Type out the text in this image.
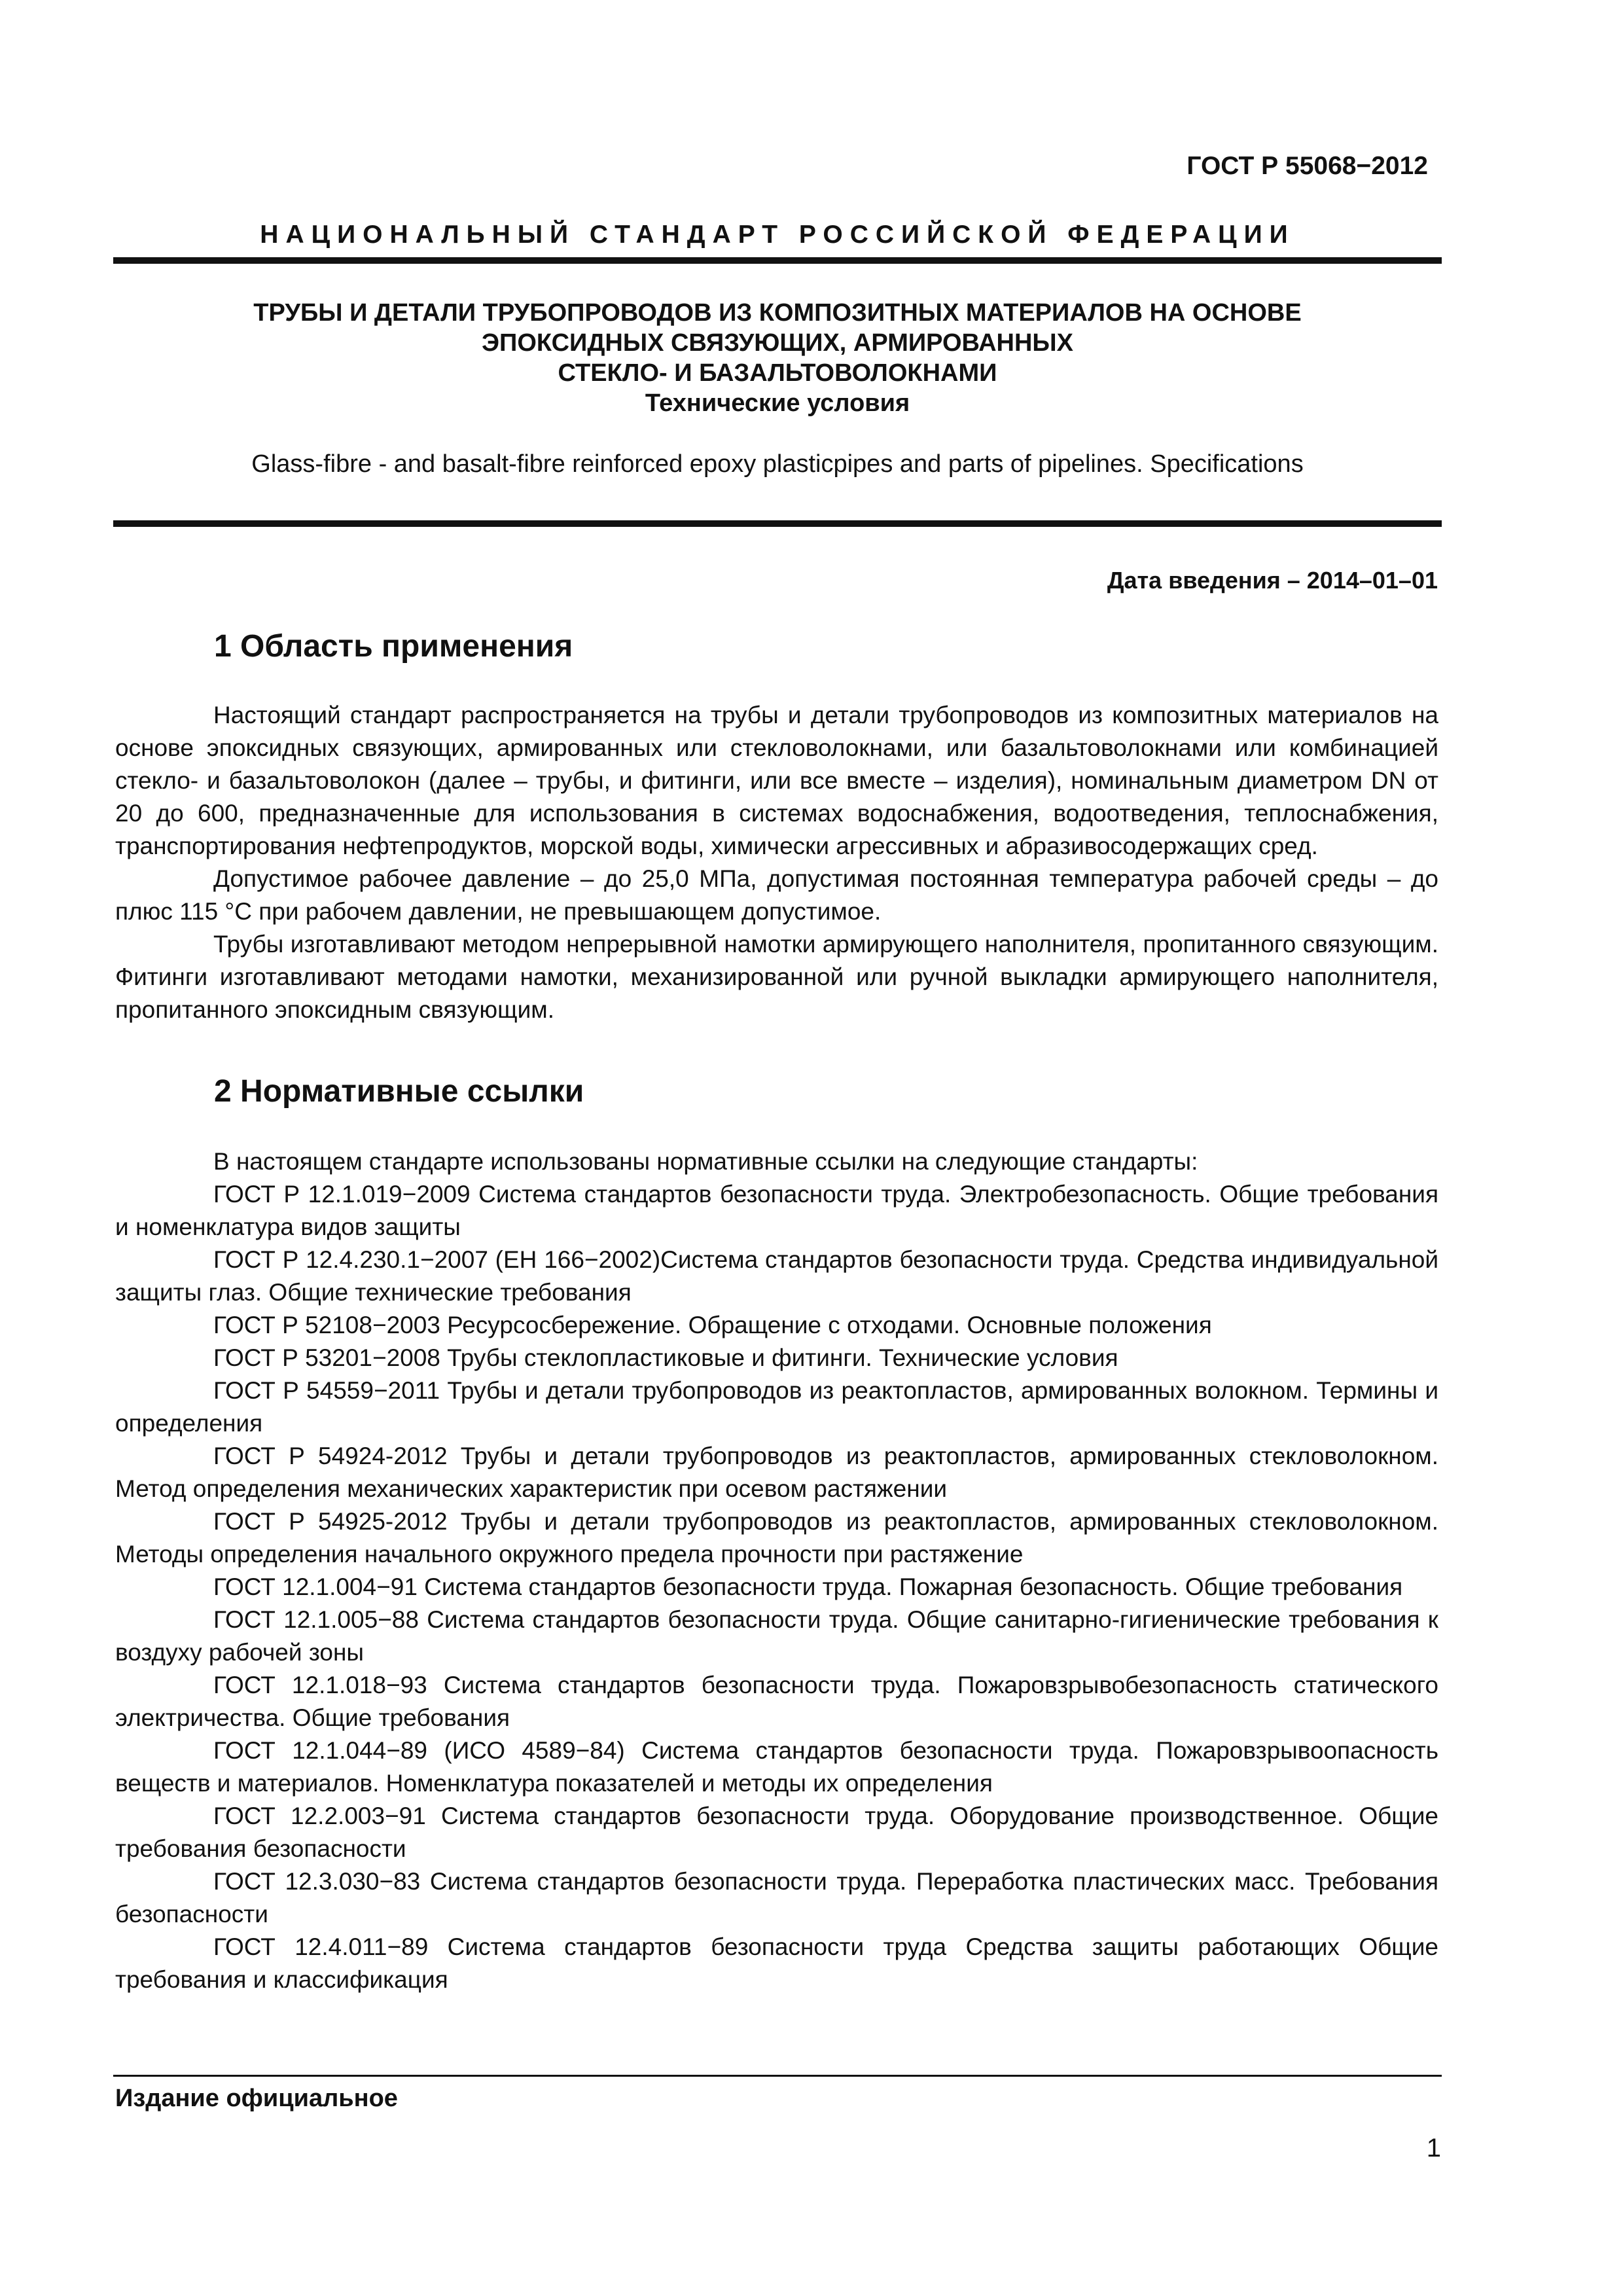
ГОСТ Р 55068−2012
НАЦИОНАЛЬНЫЙ СТАНДАРТ РОССИЙСКОЙ ФЕДЕРАЦИИ
ТРУБЫ И ДЕТАЛИ ТРУБОПРОВОДОВ ИЗ КОМПОЗИТНЫХ МАТЕРИАЛОВ НА ОСНОВЕ
ЭПОКСИДНЫХ СВЯЗУЮЩИХ, АРМИРОВАННЫХ
СТЕКЛО- И БАЗАЛЬТОВОЛОКНАМИ
Технические условия
Glass-fibre - and basalt-fibre reinforced epoxy plasticpipes and parts of pipelines. Specifications
Дата введения – 2014–01–01
1 Область применения

Настоящий стандарт распространяется на трубы и детали трубопроводов из композитных материалов на основе эпоксидных связующих, армированных или стекловолокнами, или базальтоволокнами или комбинацией стекло- и базальтоволокон (далее – трубы, и фитинги, или все вместе – изделия), номинальным диаметром DN от 20 до 600, предназначенные для использования в системах водоснабжения, водоотведения, теплоснабжения, транспортирования нефтепродуктов, морской воды, химически агрессивных и абразивосодержащих сред.

Допустимое рабочее давление – до 25,0 МПа, допустимая постоянная температура рабочей среды – до плюс 115 °С при рабочем давлении, не превышающем допустимое.

Трубы изготавливают методом непрерывной намотки армирующего наполнителя, пропитанного связующим. Фитинги изготавливают методами намотки, механизированной или ручной выкладки армирующего наполнителя, пропитанного эпоксидным связующим.

2 Нормативные ссылки

В настоящем стандарте использованы нормативные ссылки на следующие стандарты:

ГОСТ Р 12.1.019−2009 Система стандартов безопасности труда. Электробезопасность. Общие требования и номенклатура видов защиты

ГОСТ Р 12.4.230.1−2007 (ЕН 166−2002)Система стандартов безопасности труда. Средства индивидуальной защиты глаз. Общие технические требования

ГОСТ Р 52108−2003 Ресурсосбережение. Обращение с отходами. Основные положения

ГОСТ Р 53201−2008 Трубы стеклопластиковые и фитинги. Технические условия

ГОСТ Р 54559−2011 Трубы и детали трубопроводов из реактопластов, армированных волокном. Термины и определения

ГОСТ Р 54924-2012 Трубы и детали трубопроводов из реактопластов, армированных стекловолокном. Метод определения механических характеристик при осевом растяжении

ГОСТ Р 54925-2012 Трубы и детали трубопроводов из реактопластов, армированных стекловолокном. Методы определения начального окружного предела прочности при растяжение

ГОСТ 12.1.004−91 Система стандартов безопасности труда. Пожарная безопасность. Общие требования

ГОСТ 12.1.005−88 Система стандартов безопасности труда. Общие санитарно-гигиенические требования к воздуху рабочей зоны

ГОСТ 12.1.018−93 Система стандартов безопасности труда. Пожаровзрывобезопасность статического электричества. Общие требования

ГОСТ 12.1.044−89 (ИСО 4589−84) Система стандартов безопасности труда. Пожаровзрывоопасность веществ и материалов. Номенклатура показателей и методы их определения

ГОСТ 12.2.003−91 Система стандартов безопасности труда. Оборудование производственное. Общие требования безопасности

ГОСТ 12.3.030−83 Система стандартов безопасности труда. Переработка пластических масс. Требования безопасности

ГОСТ 12.4.011−89 Система стандартов безопасности труда Средства защиты работающих Общие требования и классификация

Издание официальное
1
